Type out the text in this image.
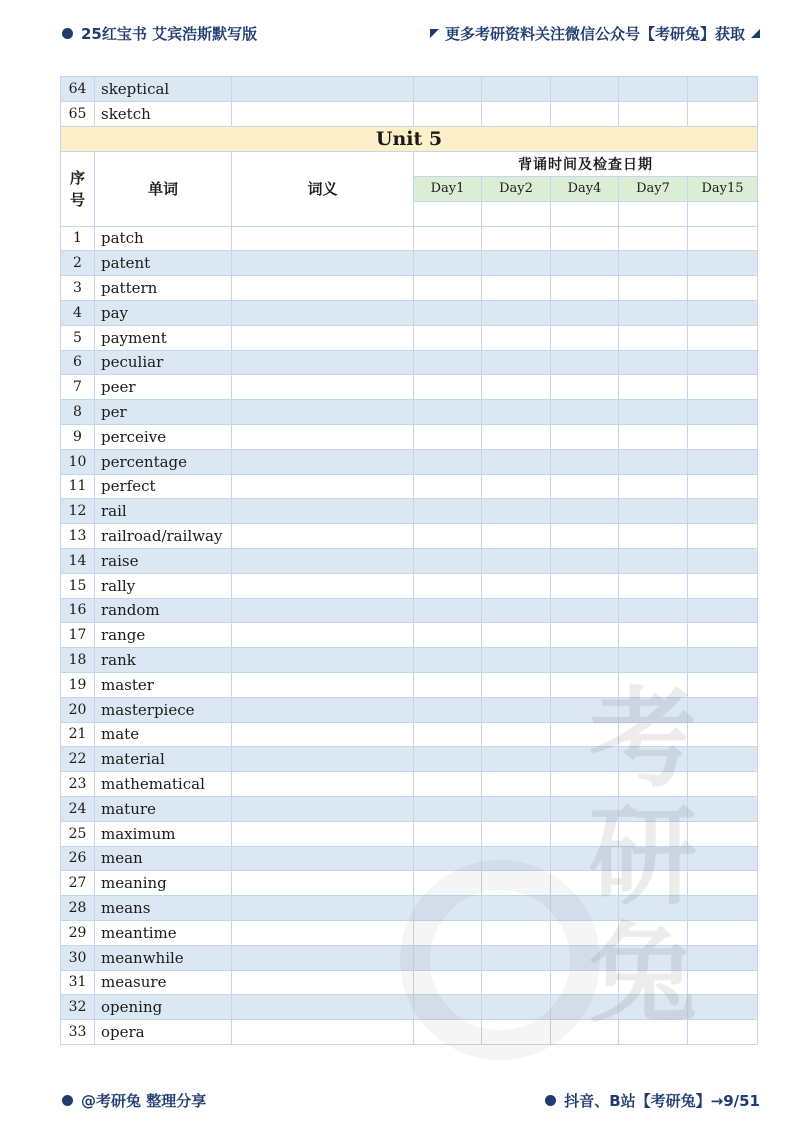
25红宝书 艾宾浩斯默写版	更多考研资料关注微信公众号【考研兔】获取
64	skeptical						
65	sketch						
Unit 5							

序
号	单词	词义	背诵时间及检查日期				
			Day1	Day2	Day4	Day7	Day15

1	patch						
2	patent						
3	pattern						
4	pay						
5	payment						
6	peculiar						
7	peer						
8	per						
9	perceive						
10	percentage						
11	perfect						
12	rail						
13	railroad/railway						
14	raise						
15	rally						
16	random						
17	range						
18	rank						
19	master						
20	masterpiece						
21	mate						
22	material						
23	mathematical						
24	mature						
25	maximum						
26	mean						
27	meaning						
28	means						
29	meantime						
30	meanwhile						
31	measure						
32	opening						
33	opera						
考
兔
@考研兔 整理分享	抖音、B站【考研兔】→9/51
